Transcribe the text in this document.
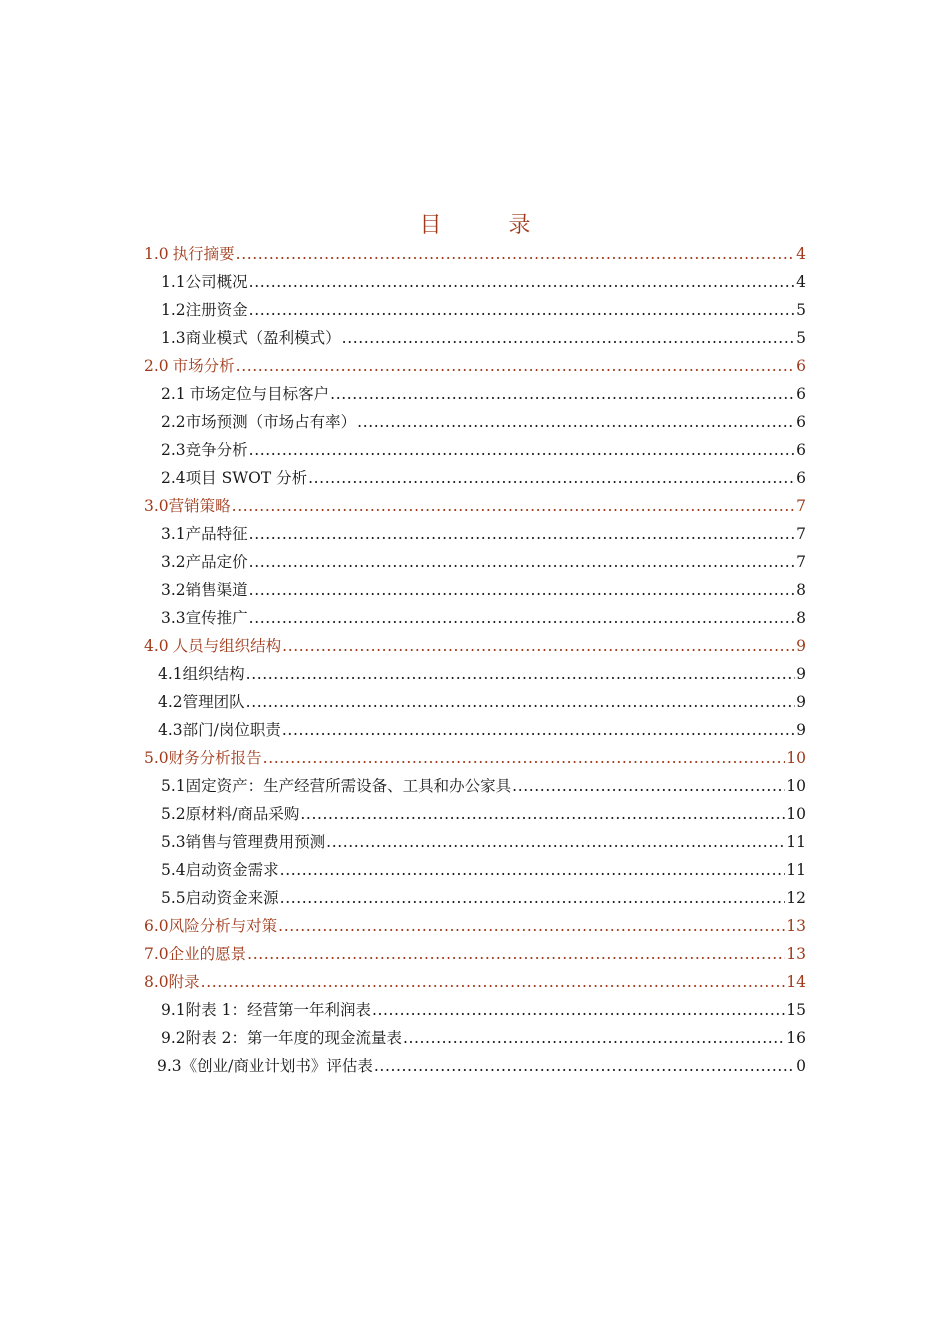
目 录
1.0 执行摘要 .....	4
1.1 公司概况 .....	4
1.2 注册资金 .....	5
1.3 商业模式（盈利模式） .....	5
2.0 市场分析 .....	6
2.1 市场定位与目标客户 .....	6
2.2 市场预测（市场占有率） .....	6
2.3 竞争分析 .....	6
2.4 项目 SWOT 分析 .....	6
3.0 营销策略 .....	7
3.1 产品特征 .....	7
3.2 产品定价 .....	7
3.2 销售渠道 .....	8
3.3 宣传推广 .....	8
4.0 人员与组织结构 .....	9
4.1 组织结构 .....	9
4.2 管理团队 .....	9
4.3 部门/岗位职责 .....	9
5.0 财务分析报告 .....	10
5.1 固定资产：生产经营所需设备、工具和办公家具 .....	10
5.2 原材料/商品采购 .....	10
5.3 销售与管理费用预测 .....	11
5.4 启动资金需求 .....	11
5.5 启动资金来源 .....	12
6.0 风险分析与对策 .....	13
7.0 企业的愿景 .....	13
8.0 附录 .....	14
9.1 附表 1：经营第一年利润表 .....	15
9.2 附表 2：第一年度的现金流量表 .....	16
9.3 《创业/商业计划书》评估表 .....	0
